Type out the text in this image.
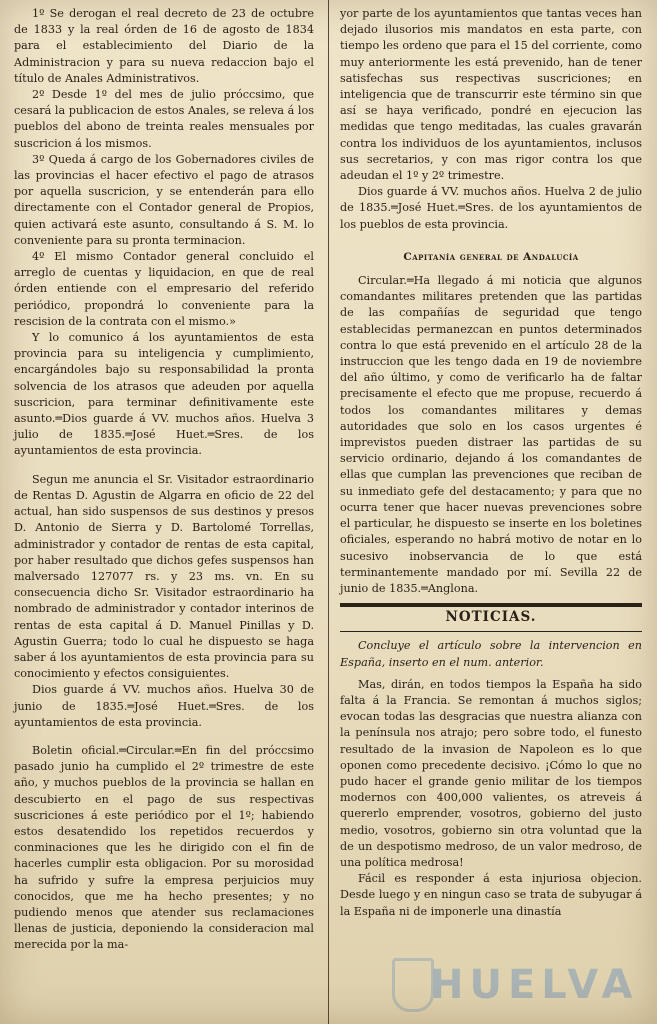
1º Se derogan el real decreto de 23 de octubre de 1833 y la real órden de 16 de agosto de 1834 para el establecimiento del Diario de la Administracion y para su nueva redaccion bajo el título de Anales Administrativos.

2º Desde 1º del mes de julio próccsimo, que cesará la publicacion de estos Anales, se releva á los pueblos del abono de treinta reales mensuales por suscricion á los mismos.

3º Queda á cargo de los Gobernadores civiles de las provincias el hacer efectivo el pago de atrasos por aquella suscricion, y se entenderán para ello directamente con el Contador general de Propios, quien activará este asunto, consultando á S. M. lo conveniente para su pronta terminacion.

4º El mismo Contador general concluido el arreglo de cuentas y liquidacion, en que de real órden entiende con el empresario del referido periódico, propondrá lo conveniente para la rescision de la contrata con el mismo.»

Y lo comunico á los ayuntamientos de esta provincia para su inteligencia y cumplimiento, encargándoles bajo su responsabilidad la pronta solvencia de los atrasos que adeuden por aquella suscricion, para terminar definitivamente este asunto.═Dios guarde á VV. muchos años. Huelva 3 julio de 1835.═José Huet.═Sres. de los ayuntamientos de esta provincia.

Segun me anuncia el Sr. Visitador estraordinario de Rentas D. Agustin de Algarra en oficio de 22 del actual, han sido suspensos de sus destinos y presos D. Antonio de Sierra y D. Bartolomé Torrellas, administrador y contador de rentas de esta capital, por haber resultado que dichos gefes suspensos han malversado 127077 rs. y 23 ms. vn. En su consecuencia dicho Sr. Visitador estraordinario ha nombrado de administrador y contador interinos de rentas de esta capital á D. Manuel Pinillas y D. Agustin Guerra; todo lo cual he dispuesto se haga saber á los ayuntamientos de esta provincia para su conocimiento y efectos consiguientes.

Dios guarde á VV. muchos años. Huelva 30 de junio de 1835.═José Huet.═Sres. de los ayuntamientos de esta provincia.

Boletin oficial.═Circular.═En fin del próccsimo pasado junio ha cumplido el 2º trimestre de este año, y muchos pueblos de la provincia se hallan en descubierto en el pago de sus respectivas suscriciones á este periódico por el 1º; habiendo estos desatendido los repetidos recuerdos y conminaciones que les he dirigido con el fin de hacerles cumplir esta obligacion. Por su morosidad ha sufrido y sufre la empresa perjuicios muy conocidos, que me ha hecho presentes; y no pudiendo menos que atender sus reclamaciones llenas de justicia, deponiendo la consideracion mal merecida por la ma-

yor parte de los ayuntamientos que tantas veces han dejado ilusorios mis mandatos en esta parte, con tiempo les ordeno que para el 15 del corriente, como muy anteriormente les está prevenido, han de tener satisfechas sus respectivas suscriciones; en inteligencia que de transcurrir este término sin que así se haya verificado, pondré en ejecucion las medidas que tengo meditadas, las cuales gravarán contra los individuos de los ayuntamientos, inclusos sus secretarios, y con mas rigor contra los que adeudan el 1º y 2º trimestre.

Dios guarde á VV. muchos años. Huelva 2 de julio de 1835.═José Huet.═Sres. de los ayuntamientos de los pueblos de esta provincia.

Capitanía general de Andalucía

Circular.═Ha llegado á mi noticia que algunos comandantes militares pretenden que las partidas de las compañías de seguridad que tengo establecidas permanezcan en puntos determinados contra lo que está prevenido en el artículo 28 de la instruccion que les tengo dada en 19 de noviembre del año último, y como de verificarlo ha de faltar precisamente el efecto que me propuse, recuerdo á todos los comandantes militares y demas autoridades que solo en los casos urgentes é imprevistos pueden distraer las partidas de su servicio ordinario, dejando á los comandantes de ellas que cumplan las prevenciones que reciban de su inmediato gefe del destacamento; y para que no ocurra tener que hacer nuevas prevenciones sobre el particular, he dispuesto se inserte en los boletines oficiales, esperando no habrá motivo de notar en lo sucesivo inobservancia de lo que está terminantemente mandado por mí. Sevilla 22 de junio de 1835.═Anglona.

NOTICIAS.

Concluye el artículo sobre la intervencion en España, inserto en el num. anterior.

Mas, dirán, en todos tiempos la España ha sido falta á la Francia. Se remontan á muchos siglos; evocan todas las desgracias que nuestra alianza con la península nos atrajo; pero sobre todo, el funesto resultado de la invasion de Napoleon es lo que oponen como precedente decisivo. ¡Cómo lo que no pudo hacer el grande genio militar de los tiempos modernos con 400,000 valientes, os atreveis á quererlo emprender, vosotros, gobierno del justo medio, vosotros, gobierno sin otra voluntad que la de un despotismo medroso, de un valor medroso, de una política medrosa!

Fácil es responder á esta injuriosa objecion. Desde luego y en ningun caso se trata de subyugar á la España ni de imponerle una dinastía

HUELVA
